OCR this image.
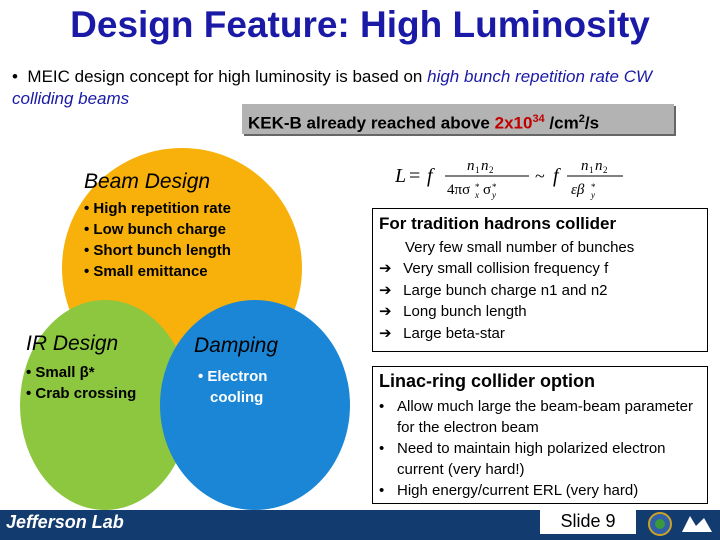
Design Feature: High Luminosity
•  MEIC design concept for high luminosity is based on high bunch repetition rate CW colliding beams
KEK-B already reached above $2x10^{34}$ $/cm^2/s$
Beam Design
• High repetition rate
• Low bunch charge
• Short bunch length
• Small emittance
IR Design
• Small β*
• Crab crossing
Damping
• Electron
cooling
L = f n 1 n 2
4πσ *
x σ *
y
~ f n 1 n 2
εβ *
y
For tradition hadrons collider
Very few small number of bunches
➔ Very small collision frequency f
➔ Large bunch charge n1 and n2
➔ Long bunch length
➔ Large beta-star
Linac-ring collider option
• Allow much large the beam-beam parameter for the electron beam
• Need to maintain high polarized electron current (very hard!)
• High energy/current ERL (very hard)
Jefferson Lab	Slide 9
